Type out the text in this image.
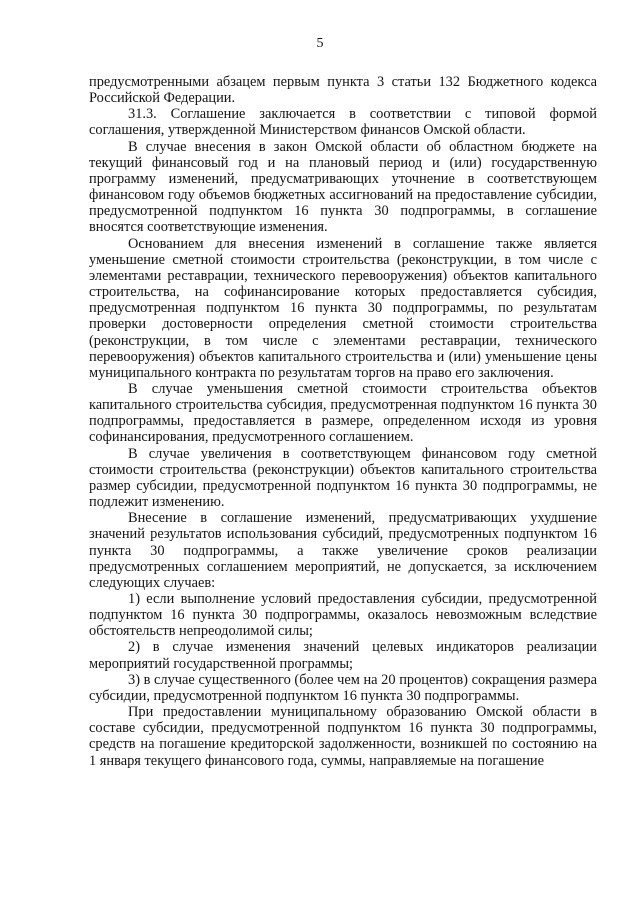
5

предусмотренными абзацем первым пункта 3 статьи 132 Бюджетного кодекса Российской Федерации.

31.3. Соглашение заключается в соответствии с типовой формой соглашения, утвержденной Министерством финансов Омской области.

В случае внесения в закон Омской области об областном бюджете на текущий финансовый год и на плановый период и (или) государственную программу изменений, предусматривающих уточнение в соответствующем финансовом году объемов бюджетных ассигнований на предоставление субсидии, предусмотренной подпунктом 16 пункта 30 подпрограммы, в соглашение вносятся соответствующие изменения.

Основанием для внесения изменений в соглашение также является уменьшение сметной стоимости строительства (реконструкции, в том числе с элементами реставрации, технического перевооружения) объектов капитального строительства, на софинансирование которых предоставляется субсидия, предусмотренная подпунктом 16 пункта 30 подпрограммы, по результатам проверки достоверности определения сметной стоимости строительства (реконструкции, в том числе с элементами реставрации, технического перевооружения) объектов капитального строительства и (или) уменьшение цены муниципального контракта по результатам торгов на право его заключения.

В случае уменьшения сметной стоимости строительства объектов капитального строительства субсидия, предусмотренная подпунктом 16 пункта 30 подпрограммы, предоставляется в размере, определенном исходя из уровня софинансирования, предусмотренного соглашением.

В случае увеличения в соответствующем финансовом году сметной стоимости строительства (реконструкции) объектов капитального строительства размер субсидии, предусмотренной подпунктом 16 пункта 30 подпрограммы, не подлежит изменению.

Внесение в соглашение изменений, предусматривающих ухудшение значений результатов использования субсидий, предусмотренных подпунктом 16 пункта 30 подпрограммы, а также увеличение сроков реализации предусмотренных соглашением мероприятий, не допускается, за исключением следующих случаев:

1) если выполнение условий предоставления субсидии, предусмотренной подпунктом 16 пункта 30 подпрограммы, оказалось невозможным вследствие обстоятельств непреодолимой силы;

2) в случае изменения значений целевых индикаторов реализации мероприятий государственной программы;

3) в случае существенного (более чем на 20 процентов) сокращения размера субсидии, предусмотренной подпунктом 16 пункта 30 подпрограммы.

При предоставлении муниципальному образованию Омской области в составе субсидии, предусмотренной подпунктом 16 пункта 30 подпрограммы, средств на погашение кредиторской задолженности, возникшей по состоянию на 1 января текущего финансового года, суммы, направляемые на погашение
